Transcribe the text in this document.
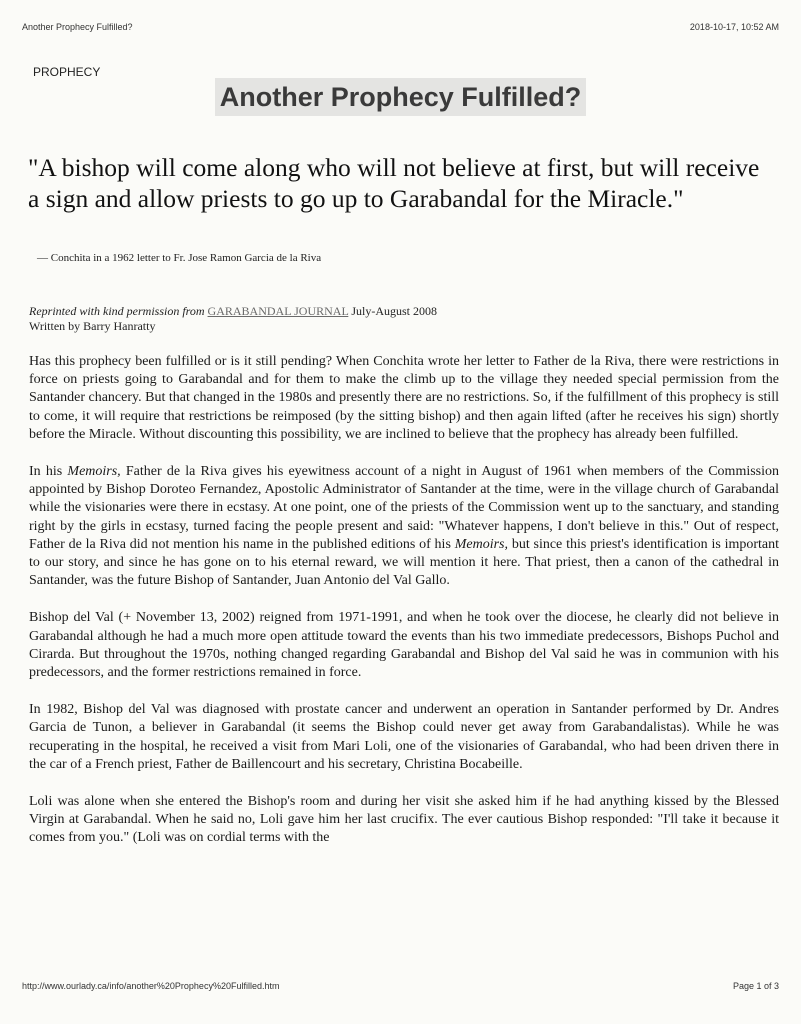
Another Prophecy Fulfilled?	2018-10-17, 10:52 AM
PROPHECY
Another Prophecy Fulfilled?
"A bishop will come along who will not believe at first, but will receive a sign and allow priests to go up to Garabandal for the Miracle."
— Conchita in a 1962 letter to Fr. Jose Ramon Garcia de la Riva
Reprinted with kind permission from GARABANDAL JOURNAL July-August 2008
Written by Barry Hanratty

Has this prophecy been fulfilled or is it still pending? When Conchita wrote her letter to Father de la Riva, there were restrictions in force on priests going to Garabandal and for them to make the climb up to the village they needed special permission from the Santander chancery. But that changed in the 1980s and presently there are no restrictions. So, if the fulfillment of this prophecy is still to come, it will require that restrictions be reimposed (by the sitting bishop) and then again lifted (after he receives his sign) shortly before the Miracle. Without discounting this possibility, we are inclined to believe that the prophecy has already been fulfilled.

In his Memoirs, Father de la Riva gives his eyewitness account of a night in August of 1961 when members of the Commission appointed by Bishop Doroteo Fernandez, Apostolic Administrator of Santander at the time, were in the village church of Garabandal while the visionaries were there in ecstasy. At one point, one of the priests of the Commission went up to the sanctuary, and standing right by the girls in ecstasy, turned facing the people present and said: "Whatever happens, I don't believe in this." Out of respect, Father de la Riva did not mention his name in the published editions of his Memoirs, but since this priest's identification is important to our story, and since he has gone on to his eternal reward, we will mention it here. That priest, then a canon of the cathedral in Santander, was the future Bishop of Santander, Juan Antonio del Val Gallo.

Bishop del Val (+ November 13, 2002) reigned from 1971-1991, and when he took over the diocese, he clearly did not believe in Garabandal although he had a much more open attitude toward the events than his two immediate predecessors, Bishops Puchol and Cirarda. But throughout the 1970s, nothing changed regarding Garabandal and Bishop del Val said he was in communion with his predecessors, and the former restrictions remained in force.

In 1982, Bishop del Val was diagnosed with prostate cancer and underwent an operation in Santander performed by Dr. Andres Garcia de Tunon, a believer in Garabandal (it seems the Bishop could never get away from Garabandalistas). While he was recuperating in the hospital, he received a visit from Mari Loli, one of the visionaries of Garabandal, who had been driven there in the car of a French priest, Father de Baillencourt and his secretary, Christina Bocabeille.

Loli was alone when she entered the Bishop's room and during her visit she asked him if he had anything kissed by the Blessed Virgin at Garabandal. When he said no, Loli gave him her last crucifix. The ever cautious Bishop responded: "I'll take it because it comes from you." (Loli was on cordial terms with the

http://www.ourlady.ca/info/another%20Prophecy%20Fulfilled.htm	Page 1 of 3
